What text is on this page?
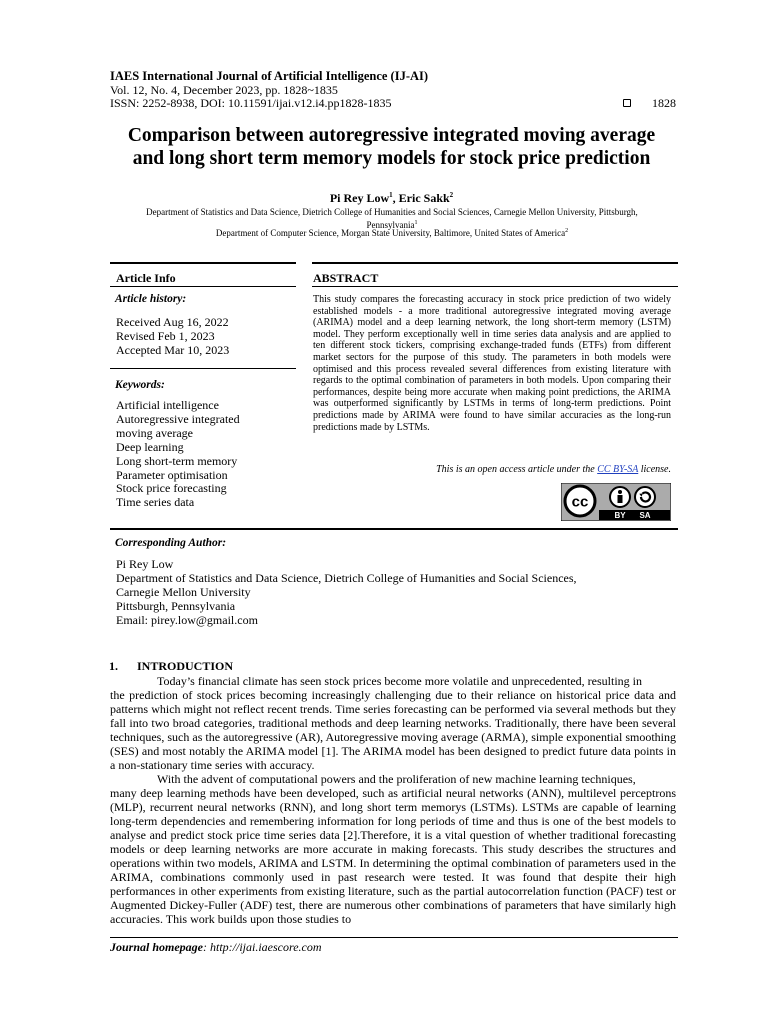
IAES International Journal of Artificial Intelligence (IJ-AI)
Vol. 12, No. 4, December 2023, pp. 1828~1835
ISSN: 2252-8938, DOI: 10.11591/ijai.v12.i4.pp1828-1835	1828
Comparison between autoregressive integrated moving average
and long short term memory models for stock price prediction
Pi Rey Low$^1$, Eric Sakk$^2$
Department of Statistics and Data Science, Dietrich College of Humanities and Social Sciences, Carnegie Mellon University, Pittsburgh,
Pennsylvania$^1$
Department of Computer Science, Morgan State University, Baltimore, United States of America$^2$
Article Info
Article history:
Received Aug 16, 2022
Revised Feb 1, 2023
Accepted Mar 10, 2023
Keywords:
Artificial intelligence
Autoregressive integrated
moving average
Deep learning
Long short-term memory
Parameter optimisation
Stock price forecasting
Time series data
ABSTRACT
This study compares the forecasting accuracy in stock price prediction of two widely established models - a more traditional autoregressive integrated moving average (ARIMA) model and a deep learning network, the long short-term memory (LSTM) model. They perform exceptionally well in time series data analysis and are applied to ten different stock tickers, comprising exchange-traded funds (ETFs) from different market sectors for the purpose of this study. The parameters in both models were optimised and this process revealed several differences from existing literature with regards to the optimal combination of parameters in both models. Upon comparing their performances, despite being more accurate when making point predictions, the ARIMA was outperformed significantly by LSTMs in terms of long-term predictions. Point predictions made by ARIMA were found to have similar accuracies as the long-run predictions made by LSTMs.
This is an open access article under the CC BY-SA license.
cc
BY SA
Corresponding Author:
Pi Rey Low
Department of Statistics and Data Science, Dietrich College of Humanities and Social Sciences,
Carnegie Mellon University
Pittsburgh, Pennsylvania
Email: pirey.low@gmail.com
1. INTRODUCTION
Today’s financial climate has seen stock prices become more volatile and unprecedented, resulting in
the prediction of stock prices becoming increasingly challenging due to their reliance on historical price data and patterns which might not reflect recent trends. Time series forecasting can be performed via several methods but they fall into two broad categories, traditional methods and deep learning networks. Traditionally, there have been several techniques, such as the autoregressive (AR), Autoregressive moving average (ARMA), simple exponential smoothing (SES) and most notably the ARIMA model [1]. The ARIMA model has been designed to predict future data points in a non-stationary time series with accuracy.
With the advent of computational powers and the proliferation of new machine learning techniques,
many deep learning methods have been developed, such as artificial neural networks (ANN), multilevel perceptrons (MLP), recurrent neural networks (RNN), and long short term memorys (LSTMs). LSTMs are capable of learning long-term dependencies and remembering information for long periods of time and thus is one of the best models to analyse and predict stock price time series data [2].Therefore, it is a vital question of whether traditional forecasting models or deep learning networks are more accurate in making forecasts. This study describes the structures and operations within two models, ARIMA and LSTM. In determining the optimal combination of parameters used in the ARIMA, combinations commonly used in past research were tested. It was found that despite their high performances in other experiments from existing literature, such as the partial autocorrelation function (PACF) test or Augmented Dickey-Fuller (ADF) test, there are numerous other combinations of parameters that have similarly high accuracies. This work builds upon those studies to
Journal homepage: http://ijai.iaescore.com
